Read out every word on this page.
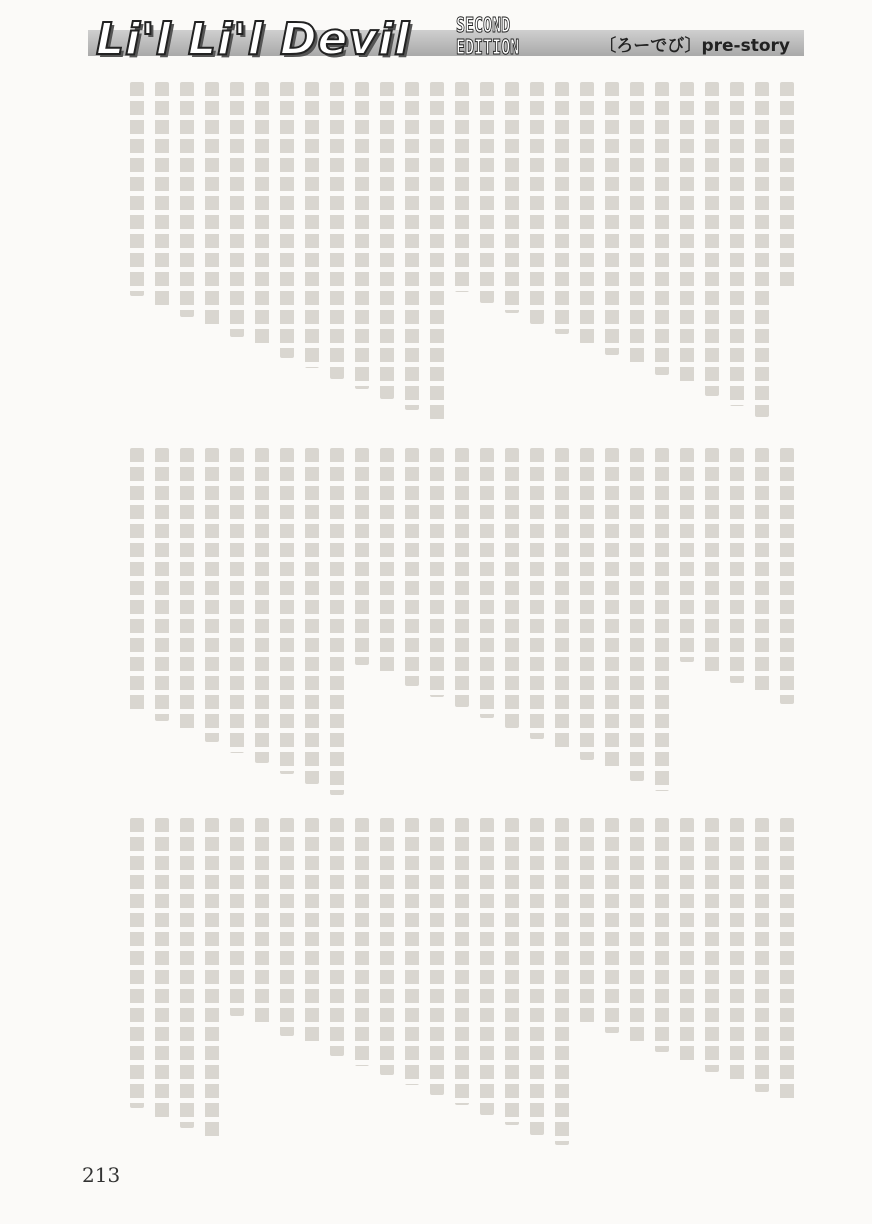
Li'l Li'l Devil SECOND EDITION	〔ろーでび〕pre-story
213
